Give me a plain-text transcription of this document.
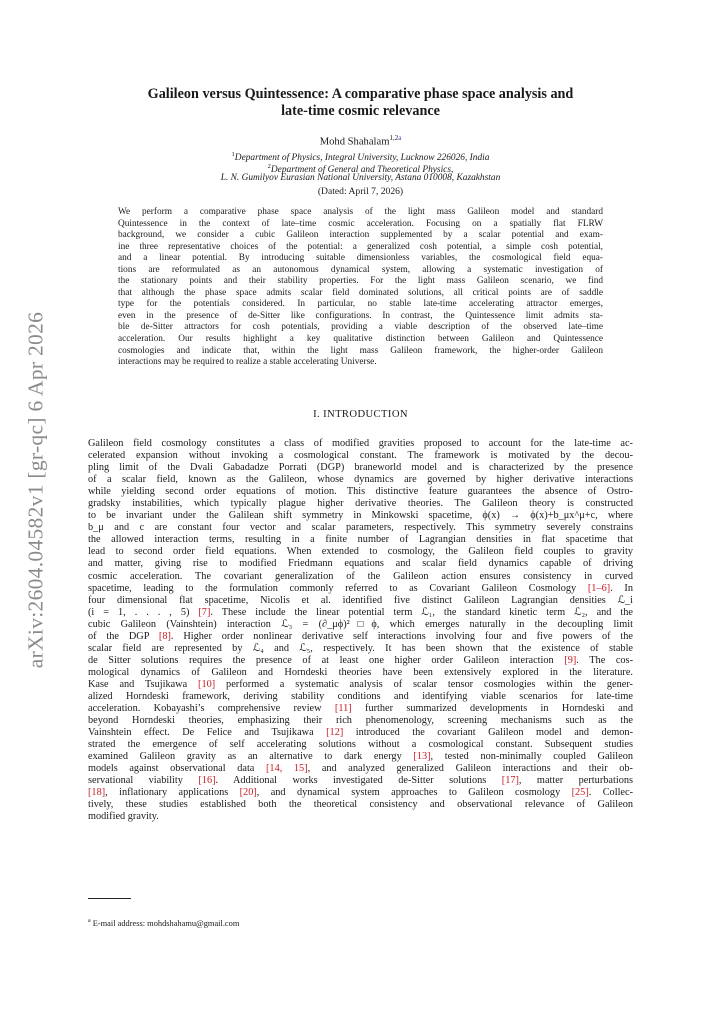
arXiv:2604.04582v1 [gr-qc] 6 Apr 2026
Galileon versus Quintessence: A comparative phase space analysis and
late-time cosmic relevance
Mohd Shahalam$^{1,2a}$
$^1$Department of Physics, Integral University, Lucknow 226026, India
$^2$Department of General and Theoretical Physics,
L. N. Gumilyov Eurasian National University, Astana 010008, Kazakhstan
(Dated: April 7, 2026)
We perform a comparative phase space analysis of the light mass Galileon model and standard
Quintessence in the context of late–time cosmic acceleration. Focusing on a spatially flat FLRW
background, we consider a cubic Galileon interaction supplemented by a scalar potential and exam-
ine three representative choices of the potential: a generalized cosh potential, a simple cosh potential,
and a linear potential. By introducing suitable dimensionless variables, the cosmological field equa-
tions are reformulated as an autonomous dynamical system, allowing a systematic investigation of
the stationary points and their stability properties. For the light mass Galileon scenario, we find
that although the phase space admits scalar field dominated solutions, all critical points are of saddle
type for the potentials considered. In particular, no stable late-time accelerating attractor emerges,
even in the presence of de-Sitter like configurations. In contrast, the Quintessence limit admits sta-
ble de-Sitter attractors for cosh potentials, providing a viable description of the observed late–time
acceleration. Our results highlight a key qualitative distinction between Galileon and Quintessence
cosmologies and indicate that, within the light mass Galileon framework, the higher-order Galileon
interactions may be required to realize a stable accelerating Universe.
I. INTRODUCTION
Galileon field cosmology constitutes a class of modified gravities proposed to account for the late-time ac-
celerated expansion without invoking a cosmological constant. The framework is motivated by the decou-
pling limit of the Dvali Gabadadze Porrati (DGP) braneworld model and is characterized by the presence
of a scalar field, known as the Galileon, whose dynamics are governed by higher derivative interactions
while yielding second order equations of motion. This distinctive feature guarantees the absence of Ostro-
gradsky instabilities, which typically plague higher derivative theories. The Galileon theory is constructed
to be invariant under the Galilean shift symmetry in Minkowski spacetime, ϕ(x) → ϕ(x)+b_μx^μ+c, where
b_μ and c are constant four vector and scalar parameters, respectively. This symmetry severely constrains
the allowed interaction terms, resulting in a finite number of Lagrangian densities in flat spacetime that
lead to second order field equations. When extended to cosmology, the Galileon field couples to gravity
and matter, giving rise to modified Friedmann equations and scalar field dynamics capable of driving
cosmic acceleration. The covariant generalization of the Galileon action ensures consistency in curved
spacetime, leading to the formulation commonly referred to as Covariant Galileon Cosmology [1–6]. In
four dimensional flat spacetime, Nicolis et al. identified five distinct Galileon Lagrangian densities ℒ_i
(i = 1, . . . , 5) [7]. These include the linear potential term ℒ₁, the standard kinetic term ℒ₂, and the
cubic Galileon (Vainshtein) interaction ℒ₃ = (∂_μϕ)²□ϕ, which emerges naturally in the decoupling limit
of the DGP [8]. Higher order nonlinear derivative self interactions involving four and five powers of the
scalar field are represented by ℒ₄ and ℒ₅, respectively. It has been shown that the existence of stable
de Sitter solutions requires the presence of at least one higher order Galileon interaction [9]. The cos-
mological dynamics of Galileon and Horndeski theories have been extensively explored in the literature.
Kase and Tsujikawa [10] performed a systematic analysis of scalar tensor cosmologies within the gener-
alized Horndeski framework, deriving stability conditions and identifying viable scenarios for late-time
acceleration. Kobayashi’s comprehensive review [11] further summarized developments in Horndeski and
beyond Horndeski theories, emphasizing their rich phenomenology, screening mechanisms such as the
Vainshtein effect. De Felice and Tsujikawa [12] introduced the covariant Galileon model and demon-
strated the emergence of self accelerating solutions without a cosmological constant. Subsequent studies
examined Galileon gravity as an alternative to dark energy [13], tested non-minimally coupled Galileon
models against observational data [14, 15], and analyzed generalized Galileon interactions and their ob-
servational viability [16]. Additional works investigated de-Sitter solutions [17], matter perturbations
[18], inflationary applications [20], and dynamical system approaches to Galileon cosmology [25]. Collec-
tively, these studies established both the theoretical consistency and observational relevance of Galileon
modified gravity.
$^a$ E-mail address: mohdshahamu@gmail.com
